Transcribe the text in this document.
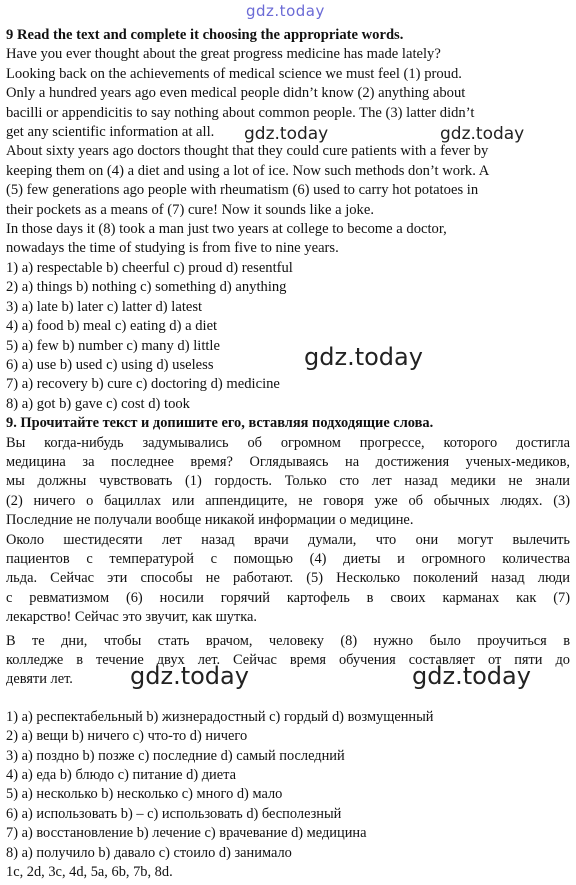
gdz.today
9 Read the text and complete it choosing the appropriate words.
Have you ever thought about the great progress medicine has made lately?
Looking back on the achievements of medical science we must feel (1) proud.
Only a hundred years ago even medical people didn’t know (2) anything about
bacilli or appendicitis to say nothing about common people. The (3) latter didn’t
get any scientific information at all.
About sixty years ago doctors thought that they could cure patients with a fever by
keeping them on (4) a diet and using a lot of ice. Now such methods don’t work. A
(5) few generations ago people with rheumatism (6) used to carry hot potatoes in
their pockets as a means of (7) cure! Now it sounds like a joke.
In those days it (8) took a man just two years at college to become a doctor,
nowadays the time of studying is from five to nine years.
1) a) respectable b) cheerful c) proud d) resentful
2) a) things b) nothing c) something d) anything
3) a) late b) later c) latter d) latest
4) a) food b) meal c) eating d) a diet
5) a) few b) number c) many d) little
6) a) use b) used c) using d) useless
7) a) recovery b) cure c) doctoring d) medicine
8) a) got b) gave c) cost d) took
9. Прочитайте текст и допишите его, вставляя подходящие слова.
Вы когда-нибудь задумывались об огромном прогрессе, которого достигла
медицина за последнее время? Оглядываясь на достижения ученых-медиков,
мы должны чувствовать (1) гордость. Только сто лет назад медики не знали
(2) ничего о бациллах или аппендиците, не говоря уже об обычных людях. (3)
Последние не получали вообще никакой информации о медицине.
Около шестидесяти лет назад врачи думали, что они могут вылечить
пациентов с температурой с помощью (4) диеты и огромного количества
льда. Сейчас эти способы не работают. (5) Несколько поколений назад люди
с ревматизмом (6) носили горячий картофель в своих карманах как (7)
лекарство! Сейчас это звучит, как шутка.
В те дни, чтобы стать врачом, человеку (8) нужно было проучиться в
колледже в течение двух лет. Сейчас время обучения составляет от пяти до
девяти лет.
1) a) респектабельный b) жизнерадостный c) гордый d) возмущенный
2) a) вещи b) ничего c) что-то d) ничего
3) a) поздно b) позже c) последние d) самый последний
4) a) еда b) блюдо c) питание d) диета
5) a) несколько b) несколько c) много d) мало
6) a) использовать b) – c) использовать d) бесполезный
7) a) восстановление b) лечение c) врачевание d) медицина
8) a) получило b) давало c) стоило d) занимало
1c, 2d, 3c, 4d, 5a, 6b, 7b, 8d.
gdz.today	gdz.today
gdz.today
gdz.today	gdz.today
